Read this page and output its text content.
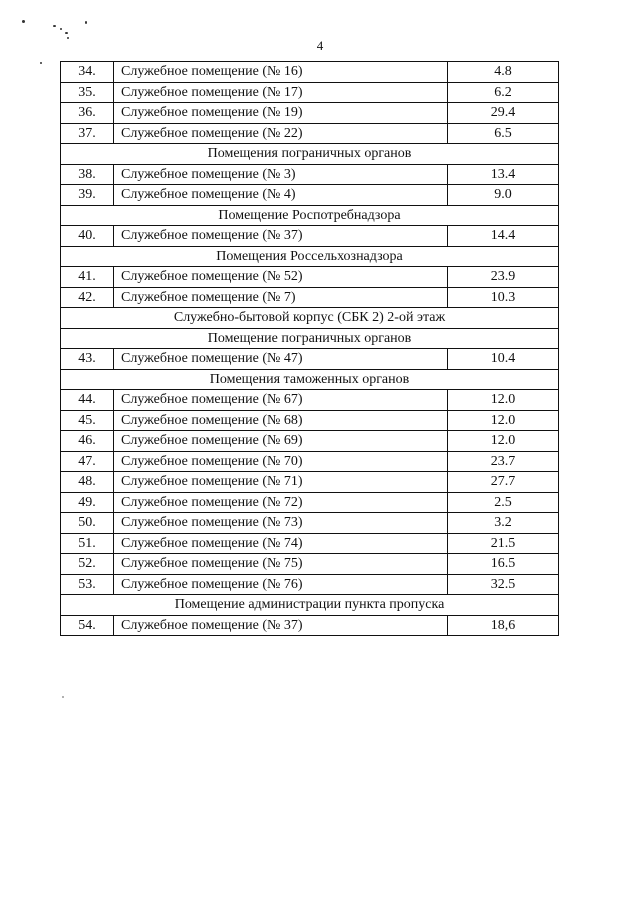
4
34.	Служебное помещение (№ 16)	4.8
35.	Служебное помещение (№ 17)	6.2
36.	Служебное помещение (№ 19)	29.4
37.	Служебное помещение (№ 22)	6.5
Помещения пограничных органов		
38.	Служебное помещение (№ 3)	13.4
39.	Служебное помещение (№ 4)	9.0
Помещение Роспотребнадзора		
40.	Служебное помещение (№ 37)	14.4
Помещения Россельхознадзора		
41.	Служебное помещение (№ 52)	23.9
42.	Служебное помещение (№ 7)	10.3
Служебно-бытовой корпус (СБК 2) 2-ой этаж		
Помещение пограничных органов		
43.	Служебное помещение (№ 47)	10.4
Помещения таможенных органов		
44.	Служебное помещение (№ 67)	12.0
45.	Служебное помещение (№ 68)	12.0
46.	Служебное помещение (№ 69)	12.0
47.	Служебное помещение (№ 70)	23.7
48.	Служебное помещение (№ 71)	27.7
49.	Служебное помещение (№ 72)	2.5
50.	Служебное помещение (№ 73)	3.2
51.	Служебное помещение (№ 74)	21.5
52.	Служебное помещение (№ 75)	16.5
53.	Служебное помещение (№ 76)	32.5
Помещение администрации пункта пропуска		
54.	Служебное помещение (№ 37)	18,6
